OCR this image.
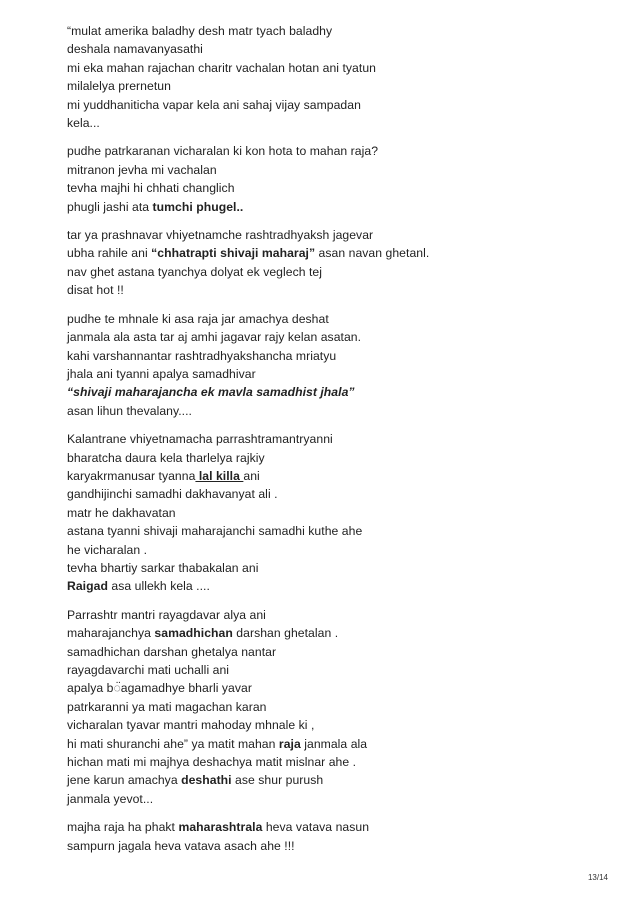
“mulat amerika baladhy desh matr tyach baladhy
deshala namavanyasathi
mi eka mahan rajachan charitr vachalan hotan ani tyatun
milalelya prernetun
mi yuddhaniticha vapar kela ani sahaj vijay sampadan
kela...
pudhe patrkaranan vicharalan ki kon hota to mahan raja?
mitranon jevha mi vachalan
tevha majhi hi chhati changlich
phugli jashi ata tumchi phugel..
tar ya prashnavar vhiyetnamche rashtradhyaksh jagevar
ubha rahile ani “chhatrapti shivaji maharaj” asan navan ghetanl.
nav ghet astana tyanchya dolyat ek veglech tej
disat hot !!
pudhe te mhnale ki asa raja jar amachya deshat
janmala ala asta tar aj amhi jagavar rajy kelan asatan.
kahi varshannantar rashtradhyakshancha mriatyu
jhala ani tyanni apalya samadhivar
“shivaji maharajancha ek mavla samadhist jhala”
asan lihun thevalany....
Kalantrane vhiyetnamacha parrashtramantryanni
bharatcha daura kela tharlelya rajkiy
karyakrmanusar tyanna lal killa ani
gandhijinchi samadhi dakhavanyat ali .
matr he dakhavatan
astana tyanni shivaji maharajanchi samadhi kuthe ahe
he vicharalan .
tevha bhartiy sarkar thabakalan ani
Raigad asa ullekh kela ....
Parrashtr mantri rayagdavar alya ani
maharajanchya samadhichan darshan ghetalan .
samadhichan darshan ghetalya nantar
rayagdavarchi mati uchalli ani
apalya b◌̈agamadhye bharli yavar
patrkaranni ya mati magachan karan
vicharalan tyavar mantri mahoday mhnale ki ,
hi mati shuranchi ahe” ya matit mahan raja janmala ala
hichan mati mi majhya deshachya matit mislnar ahe .
jene karun amachya deshathi ase shur purush
janmala yevot...
majha raja ha phakt maharashtrala heva vatava nasun
sampurn jagala heva vatava asach ahe !!!
13/14
